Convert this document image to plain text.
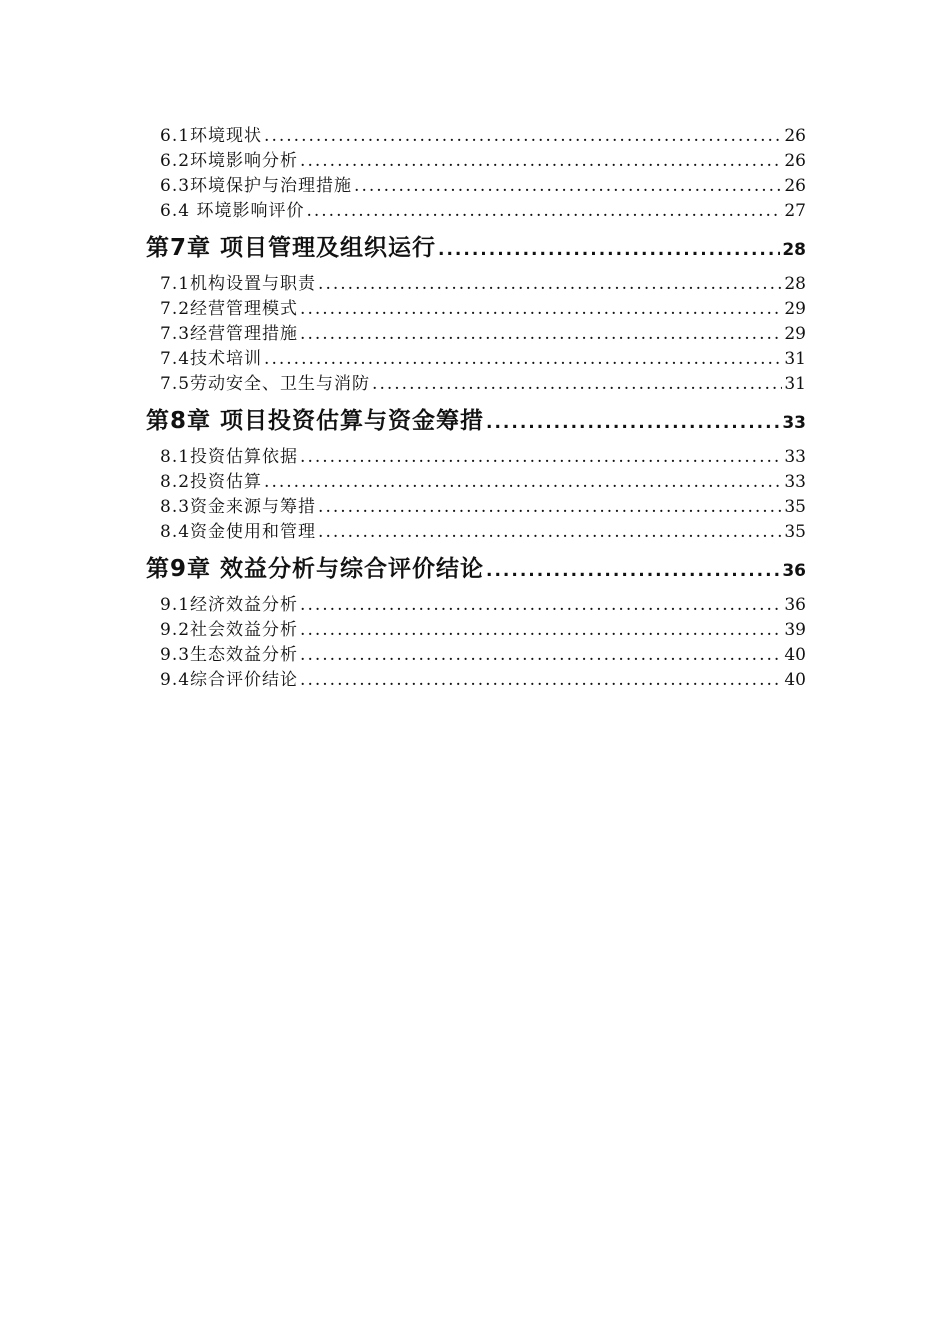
6.1环境现状 .....	26
6.2环境影响分析 .....	26
6.3环境保护与治理措施 .....	26
6.4 环境影响评价 .....	27
第7章 项目管理及组织运行 .....	28
7.1机构设置与职责 .....	28
7.2经营管理模式 .....	29
7.3经营管理措施 .....	29
7.4技术培训 .....	31
7.5劳动安全、卫生与消防 .....	31
第8章 项目投资估算与资金筹措 .....	33
8.1投资估算依据 .....	33
8.2投资估算 .....	33
8.3资金来源与筹措 .....	35
8.4资金使用和管理 .....	35
第9章 效益分析与综合评价结论 .....	36
9.1经济效益分析 .....	36
9.2社会效益分析 .....	39
9.3生态效益分析 .....	40
9.4综合评价结论 .....	40
